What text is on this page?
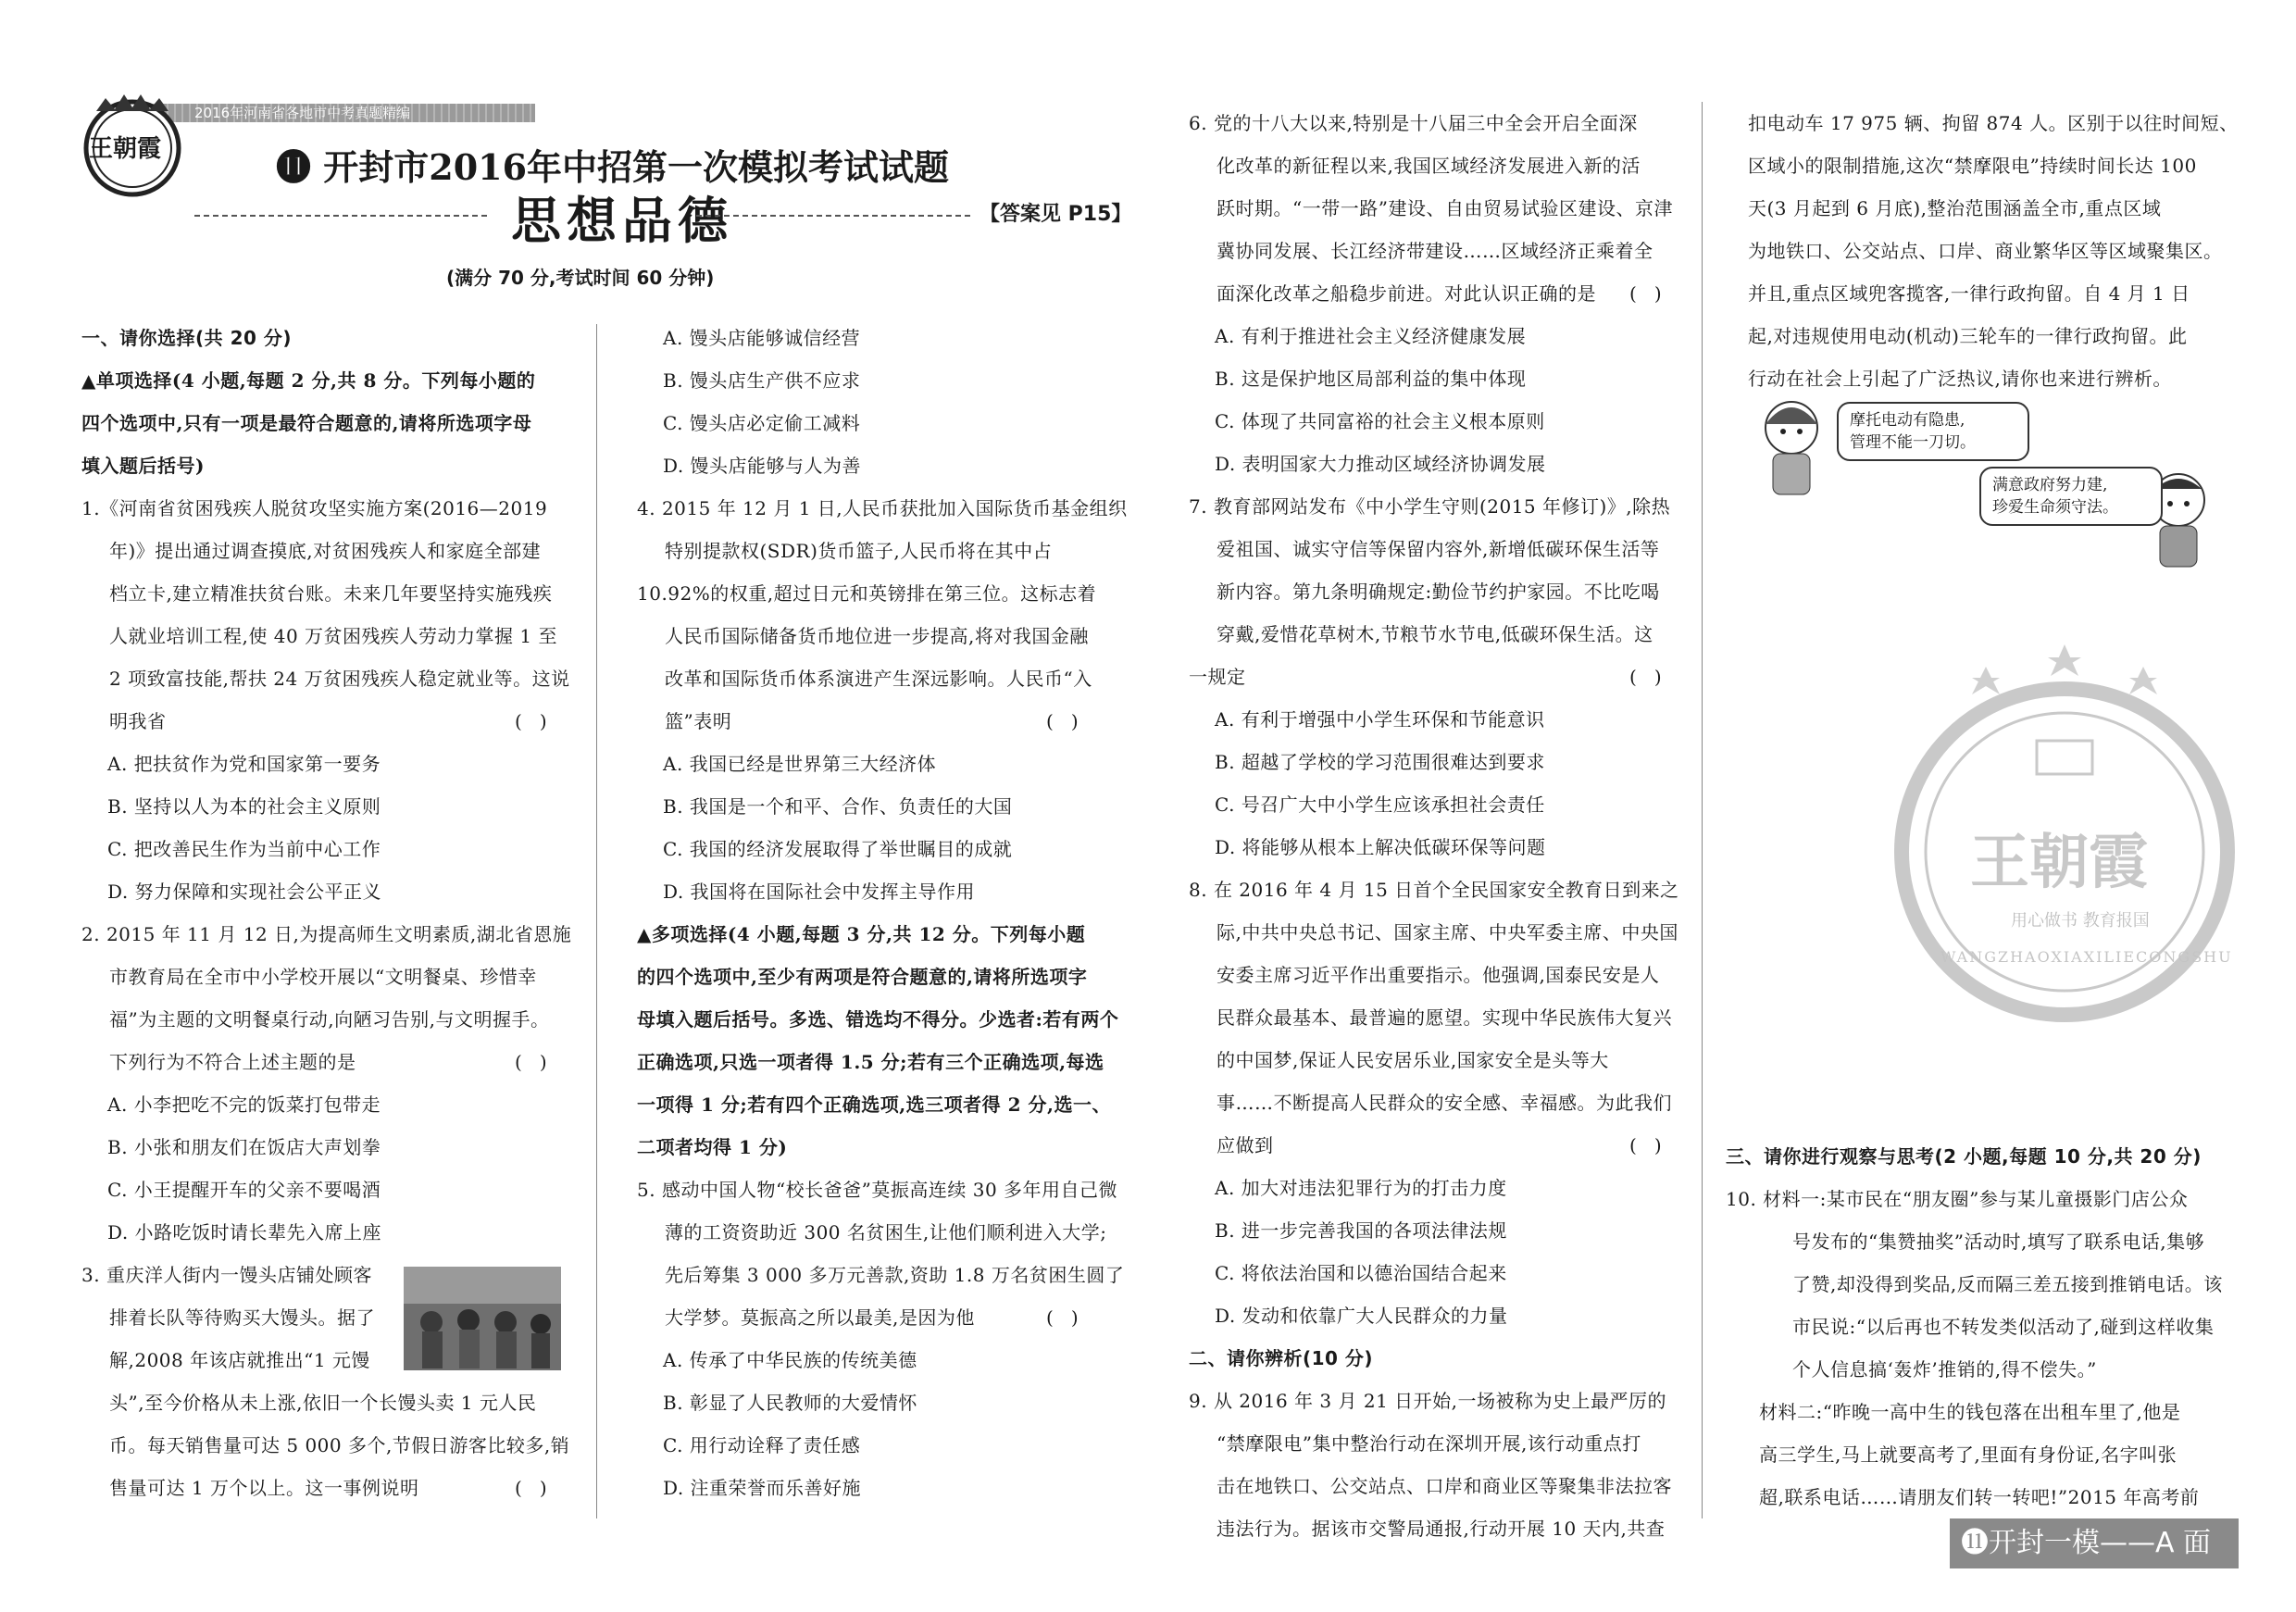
2016年河南省各地市中考真题精编
王朝霞	⓫ 开封市2016年中招第一次模拟考试试题
思想品德	【答案见 P15】
(满分 70 分,考试时间 60 分钟)
一、请你选择(共 20 分)
▲单项选择(4 小题,每题 2 分,共 8 分。下列每小题的
四个选项中,只有一项是最符合题意的,请将所选项字母
填入题后括号)
1.《河南省贫困残疾人脱贫攻坚实施方案(2016—2019
年)》提出通过调查摸底,对贫困残疾人和家庭全部建
档立卡,建立精准扶贫台账。未来几年要坚持实施残疾
人就业培训工程,使 40 万贫困残疾人劳动力掌握 1 至
2 项致富技能,帮扶 24 万贫困残疾人稳定就业等。这说
明我省	(   )
A. 把扶贫作为党和国家第一要务
B. 坚持以人为本的社会主义原则
C. 把改善民生作为当前中心工作
D. 努力保障和实现社会公平正义
2. 2015 年 11 月 12 日,为提高师生文明素质,湖北省恩施
市教育局在全市中小学校开展以“文明餐桌、珍惜幸
福”为主题的文明餐桌行动,向陋习告别,与文明握手。
下列行为不符合上述主题的是	(   )
A. 小李把吃不完的饭菜打包带走
B. 小张和朋友们在饭店大声划拳
C. 小王提醒开车的父亲不要喝酒
D. 小路吃饭时请长辈先入席上座
3. 重庆洋人街内一馒头店铺处顾客
排着长队等待购买大馒头。据了
解,2008 年该店就推出“1 元馒
头”,至今价格从未上涨,依旧一个长馒头卖 1 元人民
币。每天销售量可达 5 000 多个,节假日游客比较多,销
售量可达 1 万个以上。这一事例说明	(   )
A. 馒头店能够诚信经营
B. 馒头店生产供不应求
C. 馒头店必定偷工减料
D. 馒头店能够与人为善
4. 2015 年 12 月 1 日,人民币获批加入国际货币基金组织
特别提款权(SDR)货币篮子,人民币将在其中占
10.92%的权重,超过日元和英镑排在第三位。这标志着
人民币国际储备货币地位进一步提高,将对我国金融
改革和国际货币体系演进产生深远影响。人民币“入
篮”表明	(   )
A. 我国已经是世界第三大经济体
B. 我国是一个和平、合作、负责任的大国
C. 我国的经济发展取得了举世瞩目的成就
D. 我国将在国际社会中发挥主导作用
▲多项选择(4 小题,每题 3 分,共 12 分。下列每小题
的四个选项中,至少有两项是符合题意的,请将所选项字
母填入题后括号。多选、错选均不得分。少选者:若有两个
正确选项,只选一项者得 1.5 分;若有三个正确选项,每选
一项得 1 分;若有四个正确选项,选三项者得 2 分,选一、
二项者均得 1 分)
5. 感动中国人物“校长爸爸”莫振高连续 30 多年用自己微
薄的工资资助近 300 名贫困生,让他们顺利进入大学;
先后筹集 3 000 多万元善款,资助 1.8 万名贫困生圆了
大学梦。莫振高之所以最美,是因为他	(   )
A. 传承了中华民族的传统美德
B. 彰显了人民教师的大爱情怀
C. 用行动诠释了责任感
D. 注重荣誉而乐善好施
6. 党的十八大以来,特别是十八届三中全会开启全面深
化改革的新征程以来,我国区域经济发展进入新的活
跃时期。“一带一路”建设、自由贸易试验区建设、京津
冀协同发展、长江经济带建设……区域经济正乘着全
面深化改革之船稳步前进。对此认识正确的是 (   )
A. 有利于推进社会主义经济健康发展
B. 这是保护地区局部利益的集中体现
C. 体现了共同富裕的社会主义根本原则
D. 表明国家大力推动区域经济协调发展
7. 教育部网站发布《中小学生守则(2015 年修订)》,除热
爱祖国、诚实守信等保留内容外,新增低碳环保生活等
新内容。第九条明确规定:勤俭节约护家园。不比吃喝
穿戴,爱惜花草树木,节粮节水节电,低碳环保生活。这
一规定	(   )
A. 有利于增强中小学生环保和节能意识
B. 超越了学校的学习范围很难达到要求
C. 号召广大中小学生应该承担社会责任
D. 将能够从根本上解决低碳环保等问题
8. 在 2016 年 4 月 15 日首个全民国家安全教育日到来之
际,中共中央总书记、国家主席、中央军委主席、中央国
安委主席习近平作出重要指示。他强调,国泰民安是人
民群众最基本、最普遍的愿望。实现中华民族伟大复兴
的中国梦,保证人民安居乐业,国家安全是头等大
事……不断提高人民群众的安全感、幸福感。为此我们
应做到	(   )
A. 加大对违法犯罪行为的打击力度
B. 进一步完善我国的各项法律法规
C. 将依法治国和以德治国结合起来
D. 发动和依靠广大人民群众的力量
二、请你辨析(10 分)
9. 从 2016 年 3 月 21 日开始,一场被称为史上最严厉的
“禁摩限电”集中整治行动在深圳开展,该行动重点打
击在地铁口、公交站点、口岸和商业区等聚集非法拉客
违法行为。据该市交警局通报,行动开展 10 天内,共查
扣电动车 17 975 辆、拘留 874 人。区别于以往时间短、
区域小的限制措施,这次“禁摩限电”持续时间长达 100
天(3 月起到 6 月底),整治范围涵盖全市,重点区域
为地铁口、公交站点、口岸、商业繁华区等区域聚集区。
并且,重点区域兜客揽客,一律行政拘留。自 4 月 1 日
起,对违规使用电动(机动)三轮车的一律行政拘留。此
行动在社会上引起了广泛热议,请你也来进行辨析。
三、请你进行观察与思考(2 小题,每题 10 分,共 20 分)
10. 材料一:某市民在“朋友圈”参与某儿童摄影门店公众
号发布的“集赞抽奖”活动时,填写了联系电话,集够
了赞,却没得到奖品,反而隔三差五接到推销电话。该
市民说:“以后再也不转发类似活动了,碰到这样收集
个人信息搞‘轰炸’推销的,得不偿失。”
材料二:“昨晚一高中生的钱包落在出租车里了,他是
高三学生,马上就要高考了,里面有身份证,名字叫张
超,联系电话……请朋友们转一转吧!”2015 年高考前
摩托电动有隐患,
管理不能一刀切。
满意政府努力建,
珍爱生命须守法。
王朝霞
用心做书 教育报国
WANGZHAOXIAXILIECONGSHU
⓫开封一模——A 面
